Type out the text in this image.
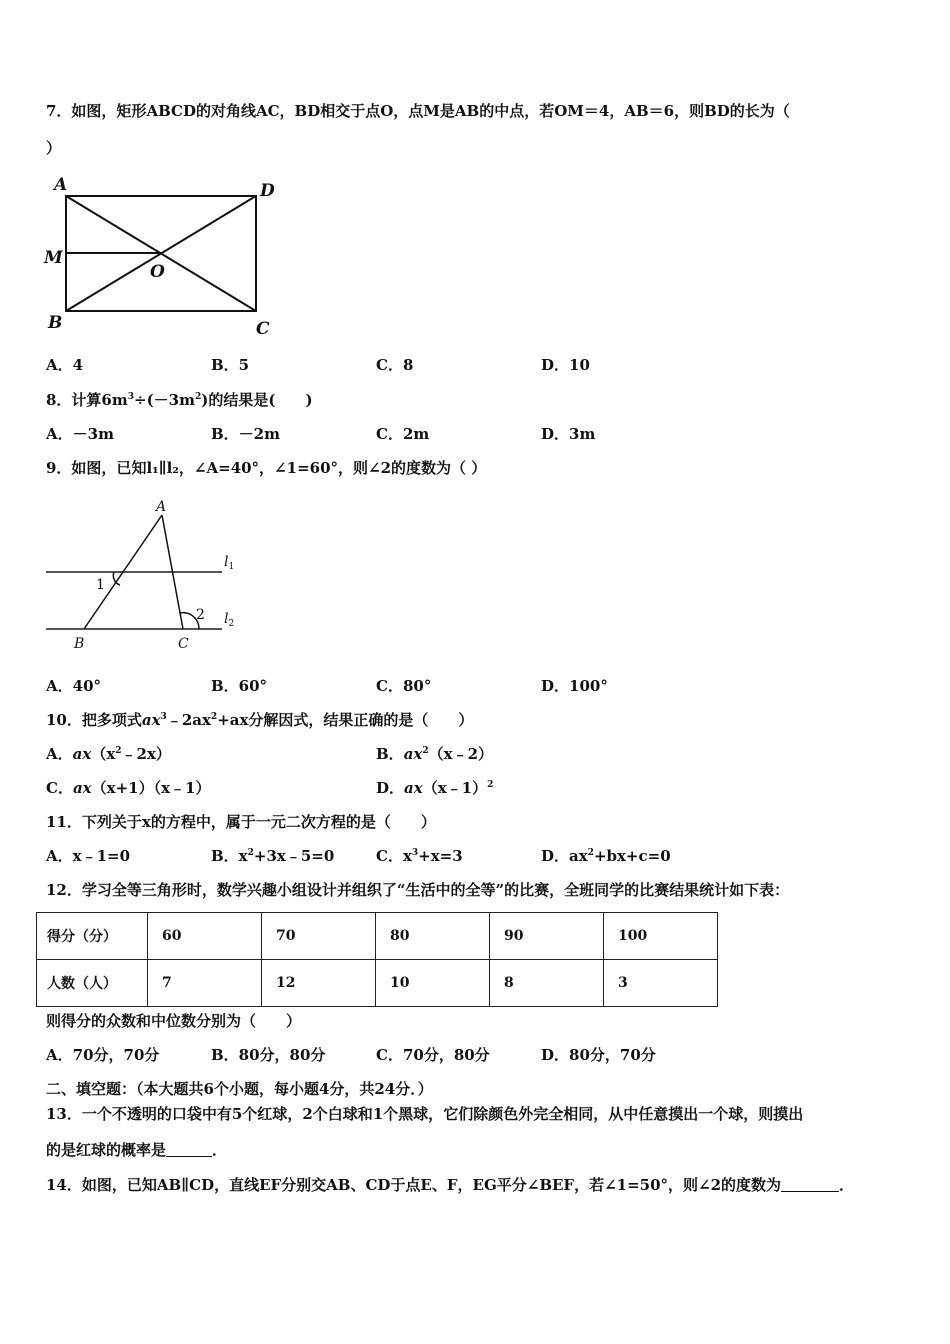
7．如图，矩形ABCD的对角线AC，BD相交于点O，点M是AB的中点，若OM＝4，AB＝6，则BD的长为（
）
A	D
M
O
B	C
A．4	B．5	C．8	D．10
8．计算$6m^3\div(-3m^2)$的结果是(　　)
A．－3m	B．－2m	C．2m	D．3m
9．如图，已知l₁∥l₂，∠A=40°，∠1=60°，则∠2的度数为（ ）
A
B	C
1
2
$l_1$
$l_2$
A．40°	B．60°	C．80°	D．100°
10．把多项式$ax^3﹣2ax^2+ax$分解因式，结果正确的是（　　）
A．$ax(x^2﹣2x)$	B．$ax^2(x﹣2)$
C．ax（x+1）（x﹣1）	D．ax（x﹣1）$^2$
11．下列关于x的方程中，属于一元二次方程的是（　　）
A．x﹣1=0	B．$x^2+3x﹣5=0$	C．$x^3+x=3$	D．$ax^2+bx+c=0$
12．学习全等三角形时，数学兴趣小组设计并组织了“生活中的全等”的比赛，全班同学的比赛结果统计如下表：
得分（分）	60	70	80	90	100
人数（人）	7	12	10	8	3
则得分的众数和中位数分别为（　　）
A．70分，70分	B．80分，80分	C．70分，80分	D．80分，70分
二、填空题：（本大题共6个小题，每小题4分，共24分．）
13．一个不透明的口袋中有5个红球，2个白球和1个黑球，它们除颜色外完全相同，从中任意摸出一个球，则摸出
的是红球的概率是	．
14．如图，已知AB∥CD，直线EF分别交AB、CD于点E、F，EG平分∠BEF，若∠1=50°，则∠2的度数为	．
